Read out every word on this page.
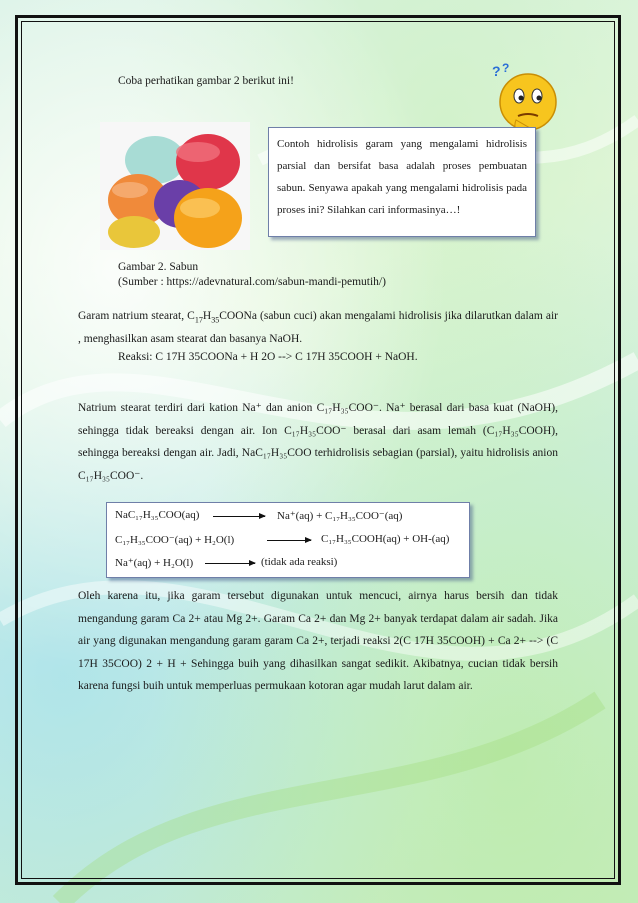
Coba perhatikan gambar 2 berikut ini!
? ?
Contoh hidrolisis garam yang mengalami hidrolisis parsial dan bersifat basa adalah proses pembuatan sabun. Senyawa apakah yang mengalami hidrolisis pada proses ini? Silahkan cari informasinya…!
Gambar 2. Sabun
(Sumber : https://adevnatural.com/sabun-mandi-pemutih/)
Garam natrium stearat, $C_{17}H_{35}COONa$ (sabun cuci) akan mengalami hidrolisis jika dilarutkan dalam air , menghasilkan asam stearat dan basanya NaOH.
Reaksi: C 17H 35COONa + H 2O --> C 17H 35COOH + NaOH.
Natrium stearat terdiri dari kation Na⁺ dan anion C₁₇H₃₅COO⁻. Na⁺ berasal dari basa kuat (NaOH), sehingga tidak bereaksi dengan air. Ion C₁₇H₃₅COO⁻ berasal dari asam lemah (C₁₇H₃₅COOH), sehingga bereaksi dengan air. Jadi, NaC₁₇H₃₅COO terhidrolisis sebagian (parsial), yaitu hidrolisis anion C₁₇H₃₅COO⁻.
NaC₁₇H₃₅COO(aq)	Na⁺(aq) + C₁₇H₃₅COO⁻(aq)
C₁₇H₃₅COO⁻(aq) + H₂O(l)	C₁₇H₃₅COOH(aq) + OH-(aq)
Na⁺(aq) + H₂O(l)	(tidak ada reaksi)
Oleh karena itu, jika garam tersebut digunakan untuk mencuci, airnya harus bersih dan tidak mengandung garam Ca 2+ atau Mg 2+. Garam Ca 2+ dan Mg 2+ banyak terdapat dalam air sadah. Jika air yang digunakan mengandung garam garam Ca 2+, terjadi reaksi 2(C 17H 35COOH) + Ca 2+ --> (C 17H 35COO) 2 + H + Sehingga buih yang dihasilkan sangat sedikit. Akibatnya, cucian tidak bersih karena fungsi buih untuk memperluas permukaan kotoran agar mudah larut dalam air.
